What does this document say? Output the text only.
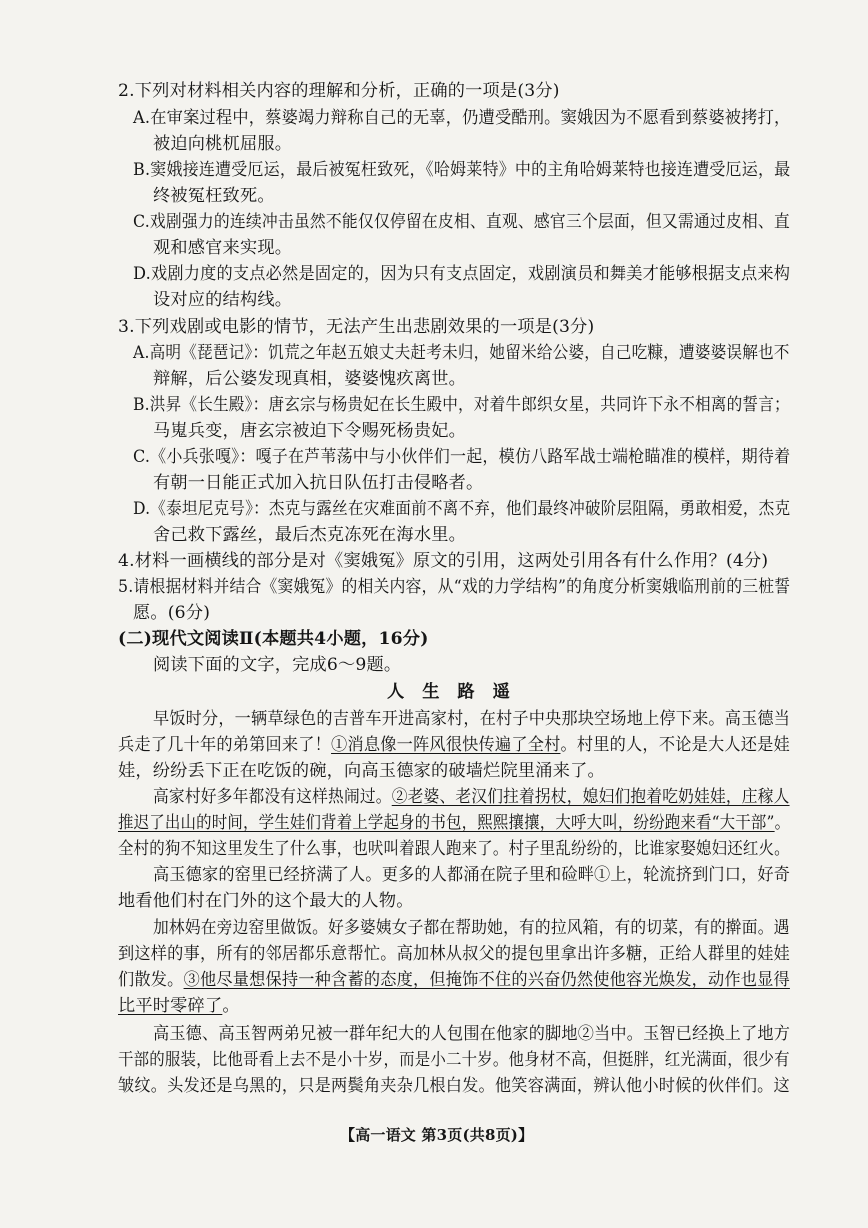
2.下列对材料相关内容的理解和分析，正确的一项是(3分)
A.在审案过程中，蔡婆竭力辩称自己的无辜，仍遭受酷刑。窦娥因为不愿看到蔡婆被拷打，
被迫向桃杌屈服。
B.窦娥接连遭受厄运，最后被冤枉致死，《哈姆莱特》中的主角哈姆莱特也接连遭受厄运，最
终被冤枉致死。
C.戏剧强力的连续冲击虽然不能仅仅停留在皮相、直观、感官三个层面，但又需通过皮相、直
观和感官来实现。
D.戏剧力度的支点必然是固定的，因为只有支点固定，戏剧演员和舞美才能够根据支点来构
设对应的结构线。
3.下列戏剧或电影的情节，无法产生出悲剧效果的一项是(3分)
A.高明《琵琶记》：饥荒之年赵五娘丈夫赶考未归，她留米给公婆，自己吃糠，遭婆婆误解也不
辩解，后公婆发现真相，婆婆愧疚离世。
B.洪昇《长生殿》：唐玄宗与杨贵妃在长生殿中，对着牛郎织女星，共同许下永不相离的誓言；
马嵬兵变，唐玄宗被迫下令赐死杨贵妃。
C.《小兵张嘎》：嘎子在芦苇荡中与小伙伴们一起，模仿八路军战士端枪瞄准的模样，期待着
有朝一日能正式加入抗日队伍打击侵略者。
D.《泰坦尼克号》：杰克与露丝在灾难面前不离不弃，他们最终冲破阶层阻隔，勇敢相爱，杰克
舍己救下露丝，最后杰克冻死在海水里。
4.材料一画横线的部分是对《窦娥冤》原文的引用，这两处引用各有什么作用？(4分)
5.请根据材料并结合《窦娥冤》的相关内容，从“戏的力学结构”的角度分析窦娥临刑前的三桩誓
愿。(6分)
(二)现代文阅读Ⅱ(本题共4小题，16分)
阅读下面的文字，完成6～9题。
人生路遥
早饭时分，一辆草绿色的吉普车开进高家村，在村子中央那块空场地上停下来。高玉德当
兵走了几十年的弟第回来了！①消息像一阵风很快传遍了全村。村里的人，不论是大人还是娃
娃，纷纷丢下正在吃饭的碗，向高玉德家的破墙烂院里涌来了。
高家村好多年都没有这样热闹过。②老婆、老汉们拄着拐杖，媳妇们抱着吃奶娃娃，庄稼人
推迟了出山的时间，学生娃们背着上学起身的书包，熙熙攘攘，大呼大叫，纷纷跑来看“大干部”。
全村的狗不知这里发生了什么事，也吠叫着跟人跑来了。村子里乱纷纷的，比谁家娶媳妇还红火。
高玉德家的窑里已经挤满了人。更多的人都涌在院子里和硷畔①上，轮流挤到门口，好奇
地看他们村在门外的这个最大的人物。
加林妈在旁边窑里做饭。好多婆姨女子都在帮助她，有的拉风箱，有的切菜，有的擀面。遇
到这样的事，所有的邻居都乐意帮忙。高加林从叔父的提包里拿出许多糖，正给人群里的娃娃
们散发。③他尽量想保持一种含蓄的态度，但掩饰不住的兴奋仍然使他容光焕发，动作也显得
比平时零碎了。
高玉德、高玉智两弟兄被一群年纪大的人包围在他家的脚地②当中。玉智已经换上了地方
干部的服装，比他哥看上去不是小十岁，而是小二十岁。他身材不高，但挺胖，红光满面，很少有
皱纹。头发还是乌黑的，只是两鬓角夹杂几根白发。他笑容满面，辨认他小时候的伙伴们。这
【高一语文 第3页(共8页)】
